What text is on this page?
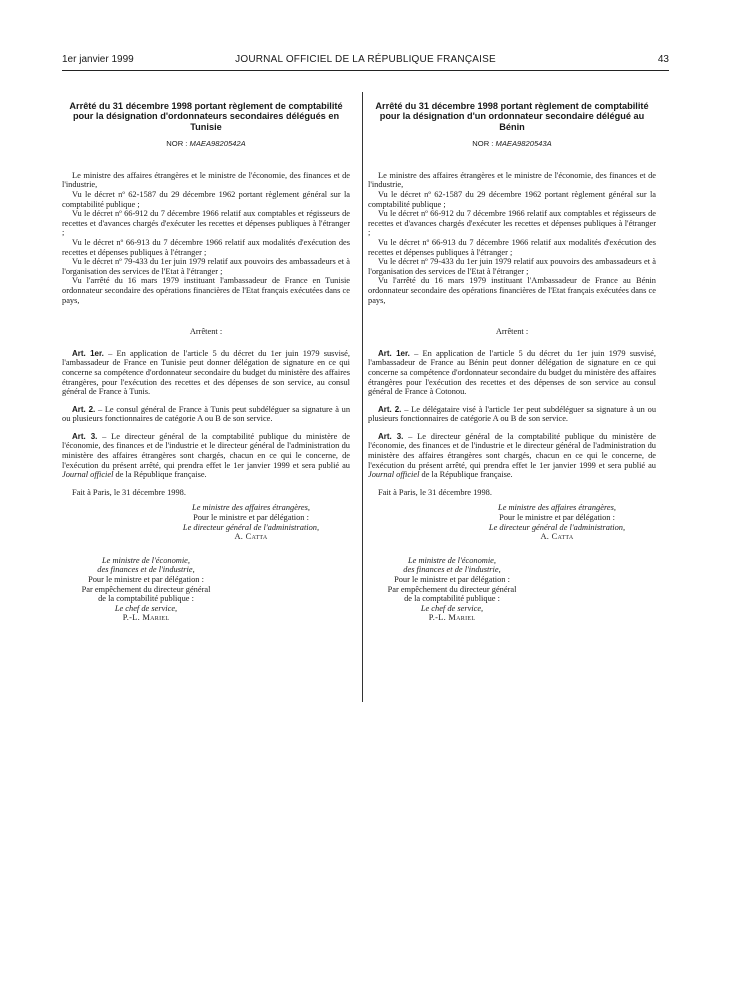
1er janvier 1999	JOURNAL OFFICIEL DE LA RÉPUBLIQUE FRANÇAISE	43
Arrêté du 31 décembre 1998 portant règlement de comptabilité pour la désignation d'ordonnateurs secondaires délégués en Tunisie
NOR : MAEA9820542A

Le ministre des affaires étrangères et le ministre de l'économie, des finances et de l'industrie,

Vu le décret nº 62-1587 du 29 décembre 1962 portant règlement général sur la comptabilité publique ;

Vu le décret nº 66-912 du 7 décembre 1966 relatif aux comptables et régisseurs de recettes et d'avances chargés d'exécuter les recettes et dépenses publiques à l'étranger ;

Vu le décret nº 66-913 du 7 décembre 1966 relatif aux modalités d'exécution des recettes et dépenses publiques à l'étranger ;

Vu le décret nº 79-433 du 1er juin 1979 relatif aux pouvoirs des ambassadeurs et à l'organisation des services de l'Etat à l'étranger ;

Vu l'arrêté du 16 mars 1979 instituant l'ambassadeur de France en Tunisie ordonnateur secondaire des opérations financières de l'Etat français exécutées dans ce pays,

Arrêtent :

Art. 1er. – En application de l'article 5 du décret du 1er juin 1979 susvisé, l'ambassadeur de France en Tunisie peut donner délégation de signature en ce qui concerne sa compétence d'ordonnateur secondaire du budget du ministère des affaires étrangères, pour l'exécution des recettes et des dépenses de son service, au consul général de France à Tunis.

Art. 2. – Le consul général de France à Tunis peut subdéléguer sa signature à un ou plusieurs fonctionnaires de catégorie A ou B de son service.

Art. 3. – Le directeur général de la comptabilité publique du ministère de l'économie, des finances et de l'industrie et le directeur général de l'administration du ministère des affaires étrangères sont chargés, chacun en ce qui le concerne, de l'exécution du présent arrêté, qui prendra effet le 1er janvier 1999 et sera publié au Journal officiel de la République française.

Fait à Paris, le 31 décembre 1998.

Le ministre des affaires étrangères,
Pour le ministre et par délégation :
Le directeur général de l'administration,
A. Catta
Le ministre de l'économie,
des finances et de l'industrie,
Pour le ministre et par délégation :
Par empêchement du directeur général
de la comptabilité publique :
Le chef de service,
P.-L. Mariel
Arrêté du 31 décembre 1998 portant règlement de comptabilité pour la désignation d'un ordonnateur secondaire délégué au Bénin
NOR : MAEA9820543A

Le ministre des affaires étrangères et le ministre de l'économie, des finances et de l'industrie,

Vu le décret nº 62-1587 du 29 décembre 1962 portant règlement général sur la comptabilité publique ;

Vu le décret nº 66-912 du 7 décembre 1966 relatif aux comptables et régisseurs de recettes et d'avances chargés d'exécuter les recettes et dépenses publiques à l'étranger ;

Vu le décret nº 66-913 du 7 décembre 1966 relatif aux modalités d'exécution des recettes et dépenses publiques à l'étranger ;

Vu le décret nº 79-433 du 1er juin 1979 relatif aux pouvoirs des ambassadeurs et à l'organisation des services de l'Etat à l'étranger ;

Vu l'arrêté du 16 mars 1979 instituant l'Ambassadeur de France au Bénin ordonnateur secondaire des opérations financières de l'Etat français exécutées dans ce pays,

Arrêtent :

Art. 1er. – En application de l'article 5 du décret du 1er juin 1979 susvisé, l'ambassadeur de France au Bénin peut donner délégation de signature en ce qui concerne sa compétence d'ordonnateur secondaire du budget du ministère des affaires étrangères pour l'exécution des recettes et des dépenses de son service au consul général de France à Cotonou.

Art. 2. – Le délégataire visé à l'article 1er peut subdéléguer sa signature à un ou plusieurs fonctionnaires de catégorie A ou B de son service.

Art. 3. – Le directeur général de la comptabilité publique du ministère de l'économie, des finances et de l'industrie et le directeur général de l'administration du ministère des affaires étrangères sont chargés, chacun en ce qui le concerne, de l'exécution du présent arrêté, qui prendra effet le 1er janvier 1999 et sera publié au Journal officiel de la République française.

Fait à Paris, le 31 décembre 1998.

Le ministre des affaires étrangères,
Pour le ministre et par délégation :
Le directeur général de l'administration,
A. Catta
Le ministre de l'économie,
des finances et de l'industrie,
Pour le ministre et par délégation :
Par empêchement du directeur général
de la comptabilité publique :
Le chef de service,
P.-L. Mariel
